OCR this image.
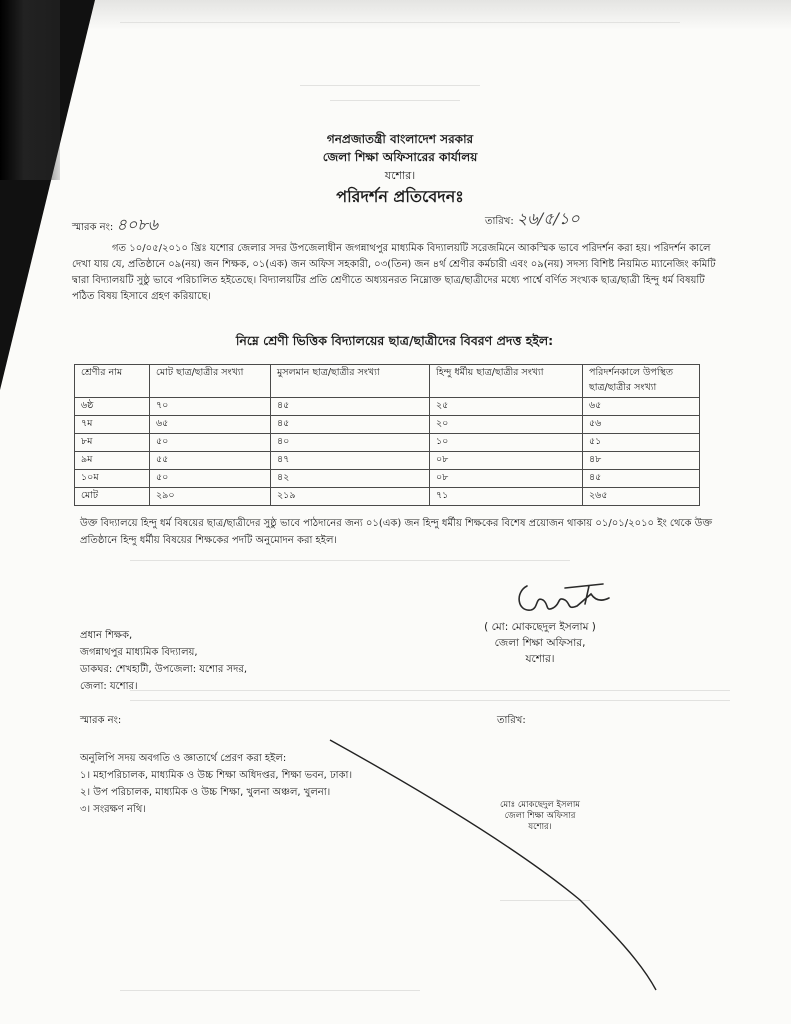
গনপ্রজাতন্ত্রী বাংলাদেশ সরকার
জেলা শিক্ষা অফিসারের কার্যালয়
যশোর।
পরিদর্শন প্রতিবেদনঃ
স্মারক নং: ৪০৮৬	তারিখ: ২৬/৫/১০
গত ১০/০৫/২০১০ খ্রিঃ যশোর জেলার সদর উপজেলাধীন জগন্নাথপুর মাধ্যমিক বিদ্যালয়টি সরেজমিনে আকস্মিক ভাবে পরিদর্শন করা হয়। পরিদর্শন কালে দেখা যায় যে, প্রতিষ্ঠানে ০৯(নয়) জন শিক্ষক, ০১(এক) জন অফিস সহকারী, ০৩(তিন) জন ৪র্থ শ্রেণীর কর্মচারী এবং ০৯(নয়) সদস্য বিশিষ্ট নিয়মিত ম্যানেজিং কমিটি দ্বারা বিদ্যালয়টি সুষ্ঠু ভাবে পরিচালিত হইতেছে। বিদ্যালয়টির প্রতি শ্রেণীতে অধ্যয়নরত নিম্নোক্ত ছাত্র/ছাত্রীদের মধ্যে পার্শ্বে বর্ণিত সংখ্যক ছাত্র/ছাত্রী হিন্দু ধর্ম বিষয়টি পঠিত বিষয় হিসাবে গ্রহণ করিয়াছে।
নিম্নে শ্রেণী ভিত্তিক বিদ্যালয়ের ছাত্র/ছাত্রীদের বিবরণ প্রদত্ত হইল:
শ্রেণীর নাম	মোট ছাত্র/ছাত্রীর সংখ্যা	মুসলমান ছাত্র/ছাত্রীর সংখ্যা	হিন্দু ধর্মীয় ছাত্র/ছাত্রীর সংখ্যা	পরিদর্শনকালে উপস্থিত ছাত্র/ছাত্রীর সংখ্যা
৬ষ্ঠ	৭০	৪৫	২৫	৬৫
৭ম	৬৫	৪৫	২০	৫৬
৮ম	৫০	৪০	১০	৫১
৯ম	৫৫	৪৭	০৮	৪৮
১০ম	৫০	৪২	০৮	৪৫
মোট	২৯০	২১৯	৭১	২৬৫
উক্ত বিদ্যালয়ে হিন্দু ধর্ম বিষয়ের ছাত্র/ছাত্রীদের সুষ্ঠু ভাবে পাঠদানের জন্য ০১(এক) জন হিন্দু ধর্মীয় শিক্ষকের বিশেষ প্রয়োজন থাকায় ০১/০১/২০১০ ইং থেকে উক্ত প্রতিষ্ঠানে হিন্দু ধর্মীয় বিষয়ের শিক্ষকের পদটি অনুমোদন করা হইল।
( মো: মোকছেদুল ইসলাম )
জেলা শিক্ষা অফিসার,
যশোর।
প্রধান শিক্ষক,
জগন্নাথপুর মাধ্যমিক বিদ্যালয়,
ডাকঘর: শেখহাটী, উপজেলা: যশোর সদর,
জেলা: যশোর।
স্মারক নং:	তারিখ:
অনুলিপি সদয় অবগতি ও জ্ঞাতার্থে প্রেরণ করা হইল:
১। মহাপরিচালক, মাধ্যমিক ও উচ্চ শিক্ষা অধিদপ্তর, শিক্ষা ভবন, ঢাকা।
২। উপ পরিচালক, মাধ্যমিক ও উচ্চ শিক্ষা, খুলনা অঞ্চল, খুলনা।
৩। সংরক্ষণ নথি।	মোঃ মোকছেদুল ইসলাম
জেলা শিক্ষা অফিসার
যশোর।
